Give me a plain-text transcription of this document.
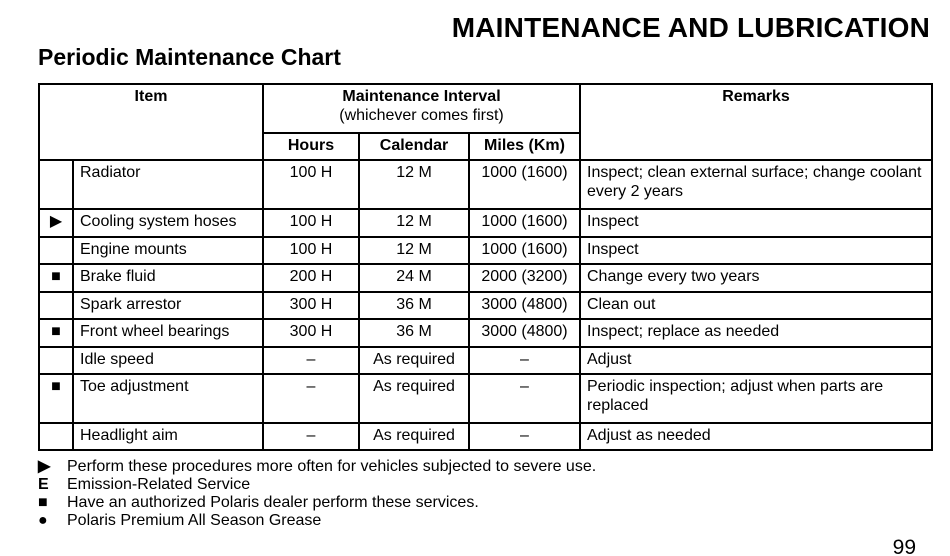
MAINTENANCE AND LUBRICATION
Periodic Maintenance Chart
Item		Maintenance Interval
(whichever comes first)			Remarks
		Hours	Calendar	Miles (Km)	
	Radiator	100 H	12 M	1000 (1600)	Inspect; clean external surface; change coolant every 2 years
▶	Cooling system hoses	100 H	12 M	1000 (1600)	Inspect
	Engine mounts	100 H	12 M	1000 (1600)	Inspect
■	Brake fluid	200 H	24 M	2000 (3200)	Change every two years
	Spark arrestor	300 H	36 M	3000 (4800)	Clean out
■	Front wheel bearings	300 H	36 M	3000 (4800)	Inspect; replace as needed
	Idle speed	–	As required	–	Adjust
■	Toe adjustment	–	As required	–	Periodic inspection; adjust when parts are replaced
	Headlight aim	–	As required	–	Adjust as needed
▶	Perform these procedures more often for vehicles subjected to severe use.
E	Emission-Related Service
■	Have an authorized Polaris dealer perform these services.
●	Polaris Premium All Season Grease
99
